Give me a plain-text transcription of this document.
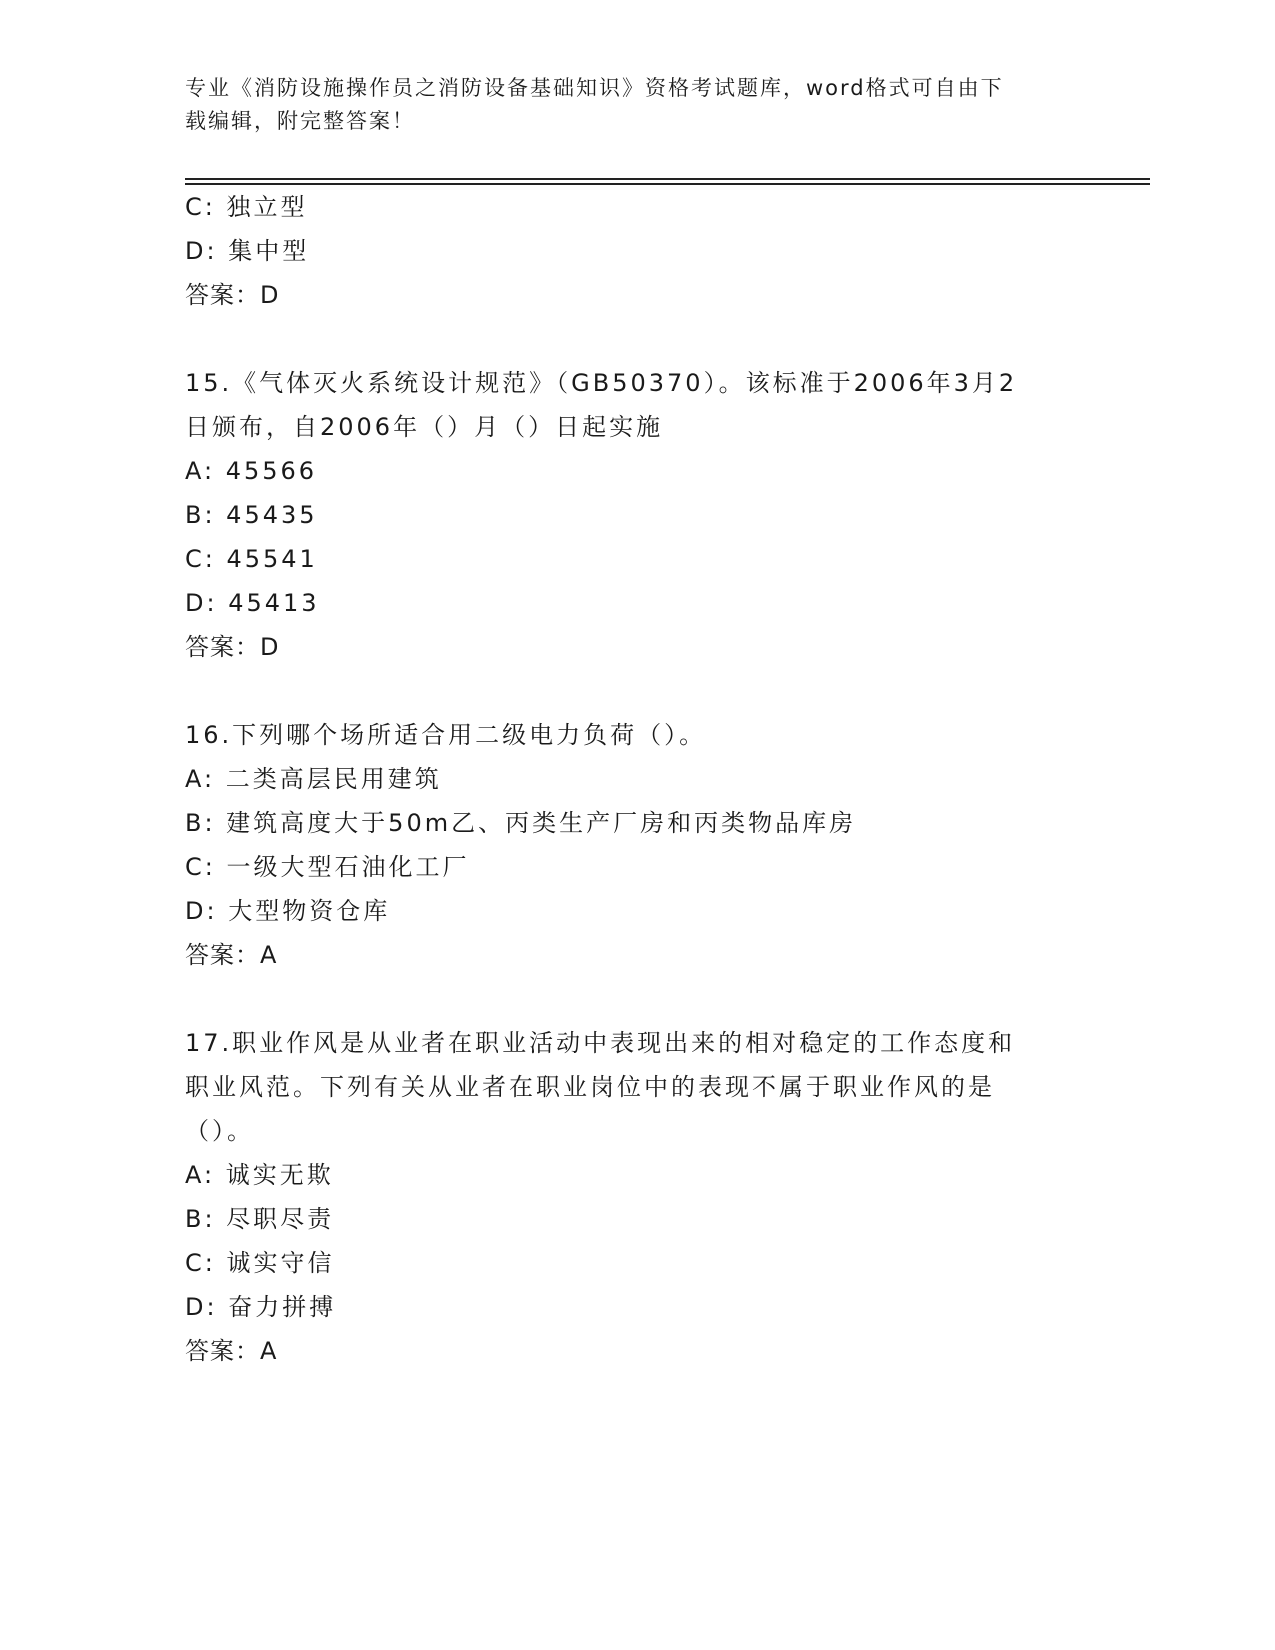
专业《消防设施操作员之消防设备基础知识》资格考试题库，word格式可自由下
载编辑，附完整答案！
C: 独立型
D: 集中型
答案：D
15.《气体灭火系统设计规范》（GB50370）。该标准于2006年3月2
日颁布，自2006年（）月（）日起实施
A: 45566
B: 45435
C: 45541
D: 45413
答案：D
16.下列哪个场所适合用二级电力负荷（）。
A: 二类高层民用建筑
B: 建筑高度大于50m乙、丙类生产厂房和丙类物品库房
C: 一级大型石油化工厂
D: 大型物资仓库
答案：A
17.职业作风是从业者在职业活动中表现出来的相对稳定的工作态度和
职业风范。下列有关从业者在职业岗位中的表现不属于职业作风的是
（）。
A: 诚实无欺
B: 尽职尽责
C: 诚实守信
D: 奋力拼搏
答案：A
